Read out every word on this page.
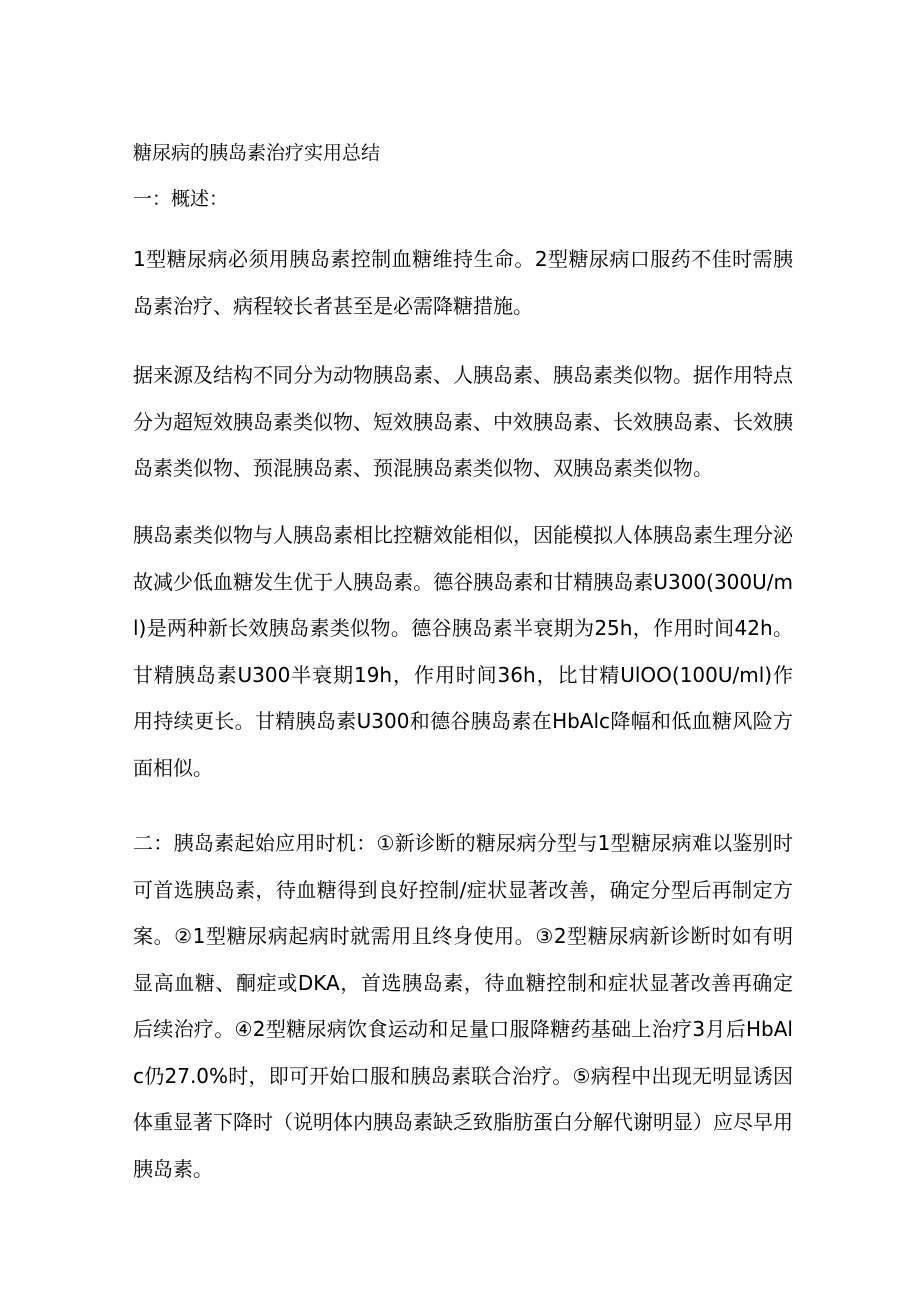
糖尿病的胰岛素治疗实用总结
一：概述：

1型糖尿病必须用胰岛素控制血糖维持生命。2型糖尿病口服药不佳时需胰岛素治疗、病程较长者甚至是必需降糖措施。

据来源及结构不同分为动物胰岛素、人胰岛素、胰岛素类似物。据作用特点分为超短效胰岛素类似物、短效胰岛素、中效胰岛素、长效胰岛素、长效胰岛素类似物、预混胰岛素、预混胰岛素类似物、双胰岛素类似物。

胰岛素类似物与人胰岛素相比控糖效能相似，因能模拟人体胰岛素生理分泌故减少低血糖发生优于人胰岛素。德谷胰岛素和甘精胰岛素U300(300U/ml)是两种新长效胰岛素类似物。德谷胰岛素半衰期为25h，作用时间42h。甘精胰岛素U300半衰期19h，作用时间36h，比甘精UlOO(100U/ml)作用持续更长。甘精胰岛素U300和德谷胰岛素在HbAlc降幅和低血糖风险方面相似。

二：胰岛素起始应用时机：①新诊断的糖尿病分型与1型糖尿病难以鉴别时可首选胰岛素，待血糖得到良好控制/症状显著改善，确定分型后再制定方案。②1型糖尿病起病时就需用且终身使用。③2型糖尿病新诊断时如有明显高血糖、酮症或DKA，首选胰岛素，待血糖控制和症状显著改善再确定后续治疗。④2型糖尿病饮食运动和足量口服降糖药基础上治疗3月后HbAlc仍27.0%时，即可开始口服和胰岛素联合治疗。⑤病程中出现无明显诱因体重显著下降时（说明体内胰岛素缺乏致脂肪蛋白分解代谢明显）应尽早用胰岛素。
